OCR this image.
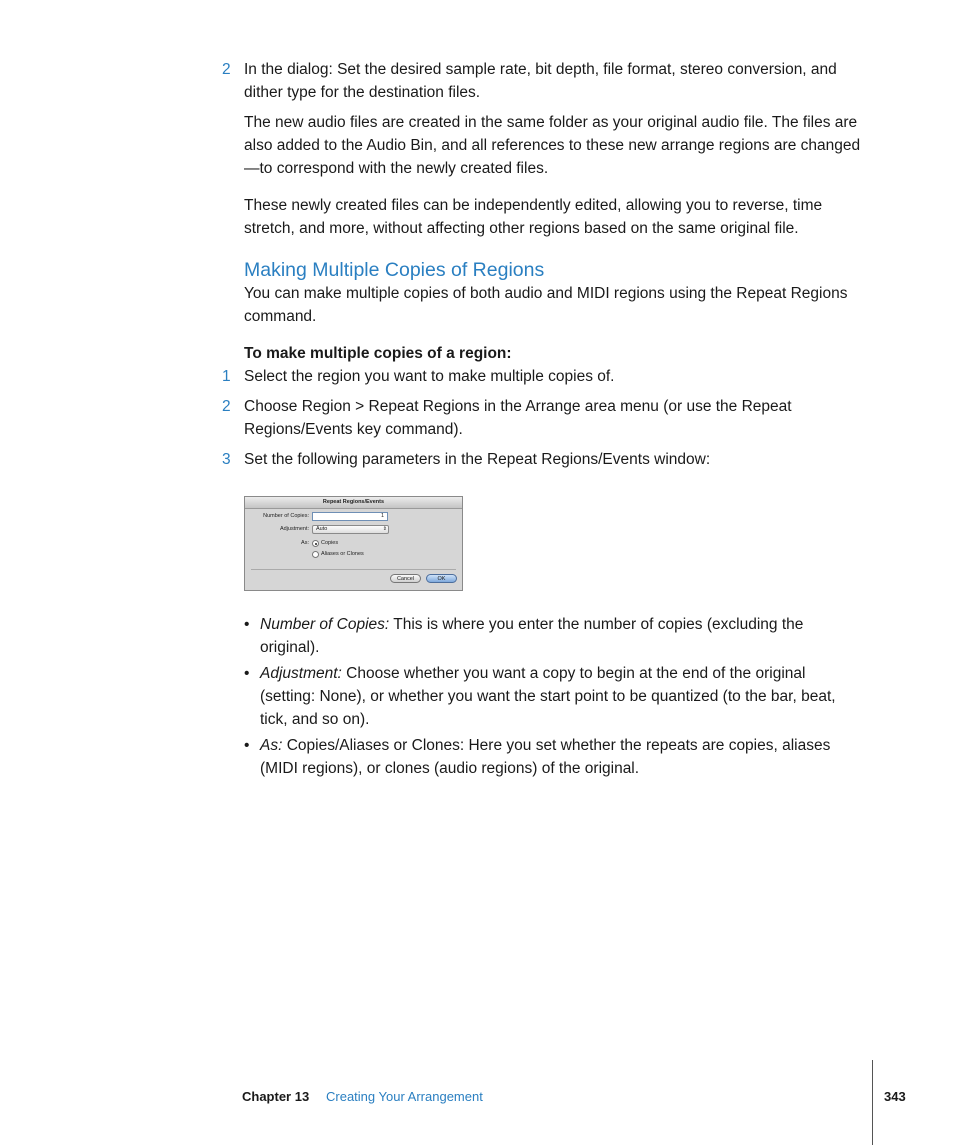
2 In the dialog: Set the desired sample rate, bit depth, file format, stereo conversion, and dither type for the destination files.
The new audio files are created in the same folder as your original audio file. The files are also added to the Audio Bin, and all references to these new arrange regions are changed—to correspond with the newly created files.
These newly created files can be independently edited, allowing you to reverse, time stretch, and more, without affecting other regions based on the same original file.
Making Multiple Copies of Regions
You can make multiple copies of both audio and MIDI regions using the Repeat Regions command.
To make multiple copies of a region:
1 Select the region you want to make multiple copies of.
2 Choose Region > Repeat Regions in the Arrange area menu (or use the Repeat Regions/Events key command).
3 Set the following parameters in the Repeat Regions/Events window:
Repeat Regions/Events
Number of Copies:	1
Adjustment:	Auto	⇕
As: Copies
Aliases or Clones
Cancel	OK
• Number of Copies: This is where you enter the number of copies (excluding the original).
• Adjustment: Choose whether you want a copy to begin at the end of the original (setting: None), or whether you want the start point to be quantized (to the bar, beat, tick, and so on).
• As: Copies/Aliases or Clones: Here you set whether the repeats are copies, aliases (MIDI regions), or clones (audio regions) of the original.
Chapter 13 Creating Your Arrangement	343
